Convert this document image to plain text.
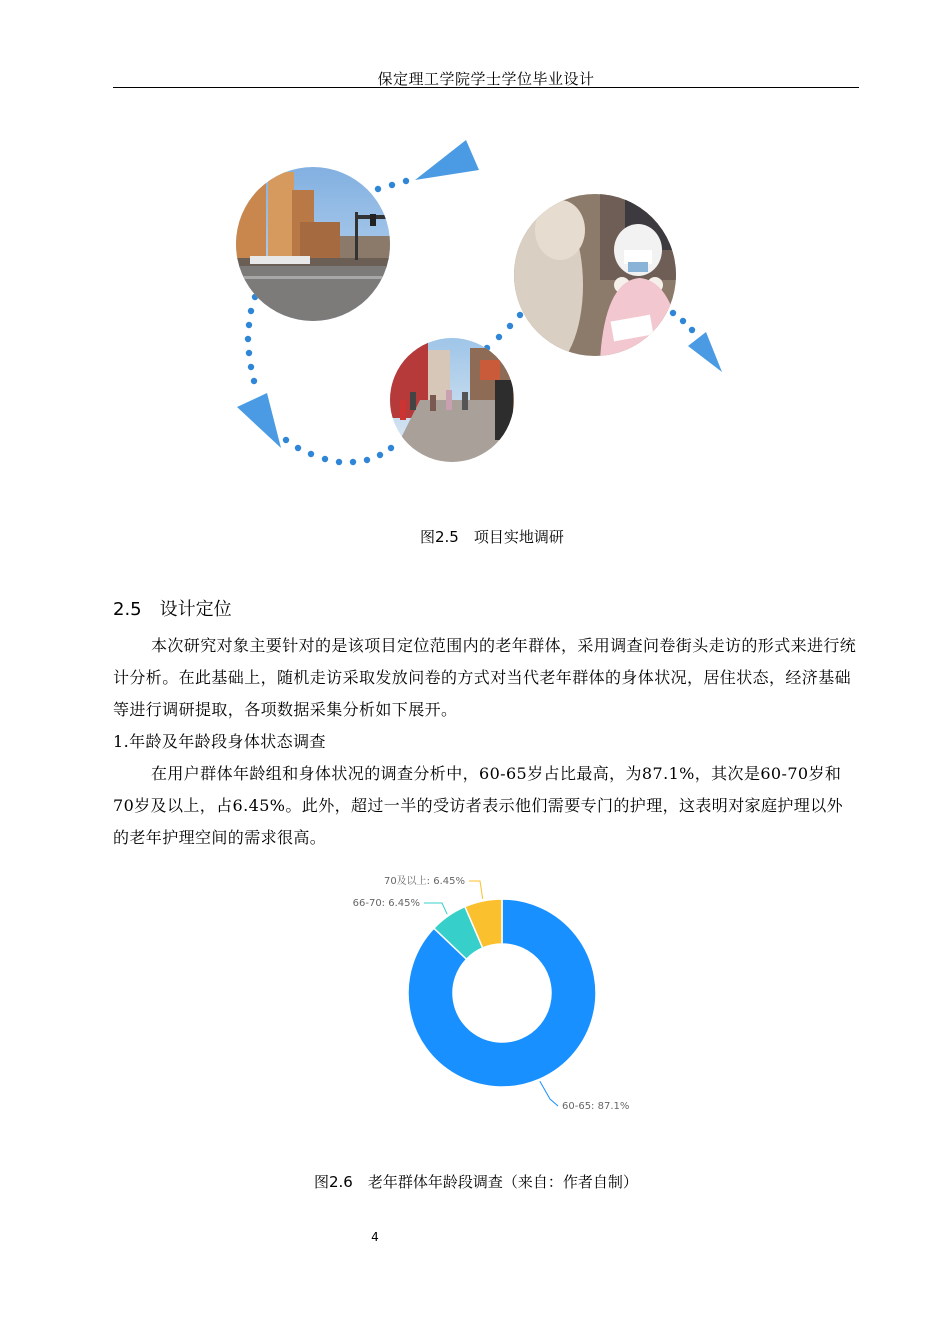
保定理工学院学士学位毕业设计
图2.5　项目实地调研
2.5　设计定位

本次研究对象主要针对的是该项目定位范围内的老年群体，采用调查问卷街头走访的形式来进行统计分析。在此基础上，随机走访采取发放问卷的方式对当代老年群体的身体状况，居住状态，经济基础等进行调研提取，各项数据采集分析如下展开。

1.年龄及年龄段身体状态调查

在用户群体年龄组和身体状况的调查分析中，60-65岁占比最高，为87.1%，其次是60-70岁和70岁及以上，占6.45%。此外，超过一半的受访者表示他们需要专门的护理，这表明对家庭护理以外的老年护理空间的需求很高。

60-65: 87.1%
66-70: 6.45%
70及以上: 6.45%
图2.6　老年群体年龄段调查（来自：作者自制）
4
